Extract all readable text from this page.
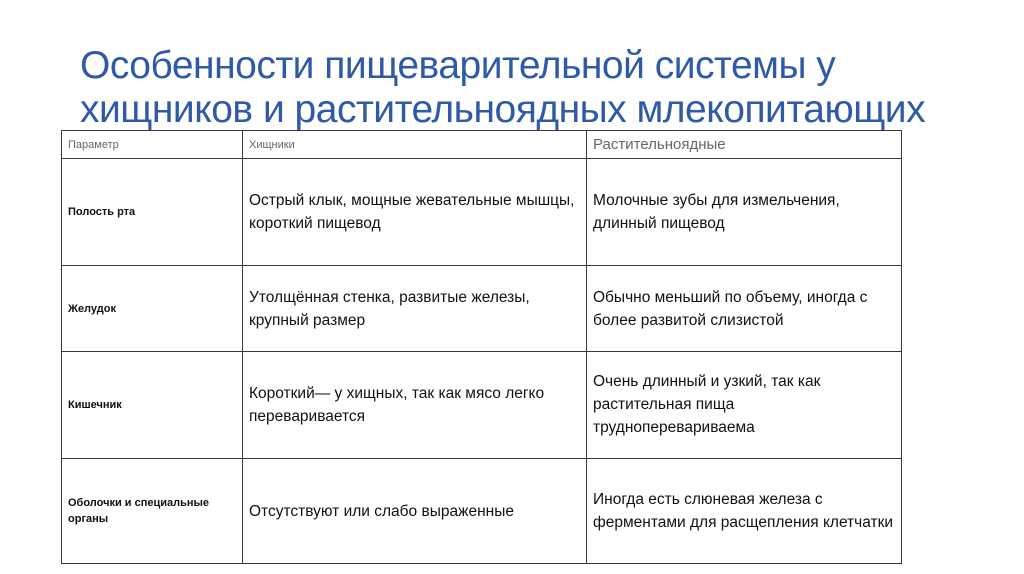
Особенности пищеварительной системы у
хищников и растительноядных млекопитающих
Параметр	Хищники	Растительноядные
Полость рта	Острый клык, мощные жевательные мышцы, короткий пищевод	Молочные зубы для измельчения, длинный пищевод
Желудок	Утолщённая стенка, развитые железы, крупный размер	Обычно меньший по объему, иногда с более развитой слизистой
Кишечник	Короткий— у хищных, так как мясо легко переваривается	Очень длинный и узкий, так как растительная пища трудноперевариваема
Оболочки и специальные органы	Отсутствуют или слабо выраженные	Иногда есть слюневая железа с ферментами для расщепления клетчатки
